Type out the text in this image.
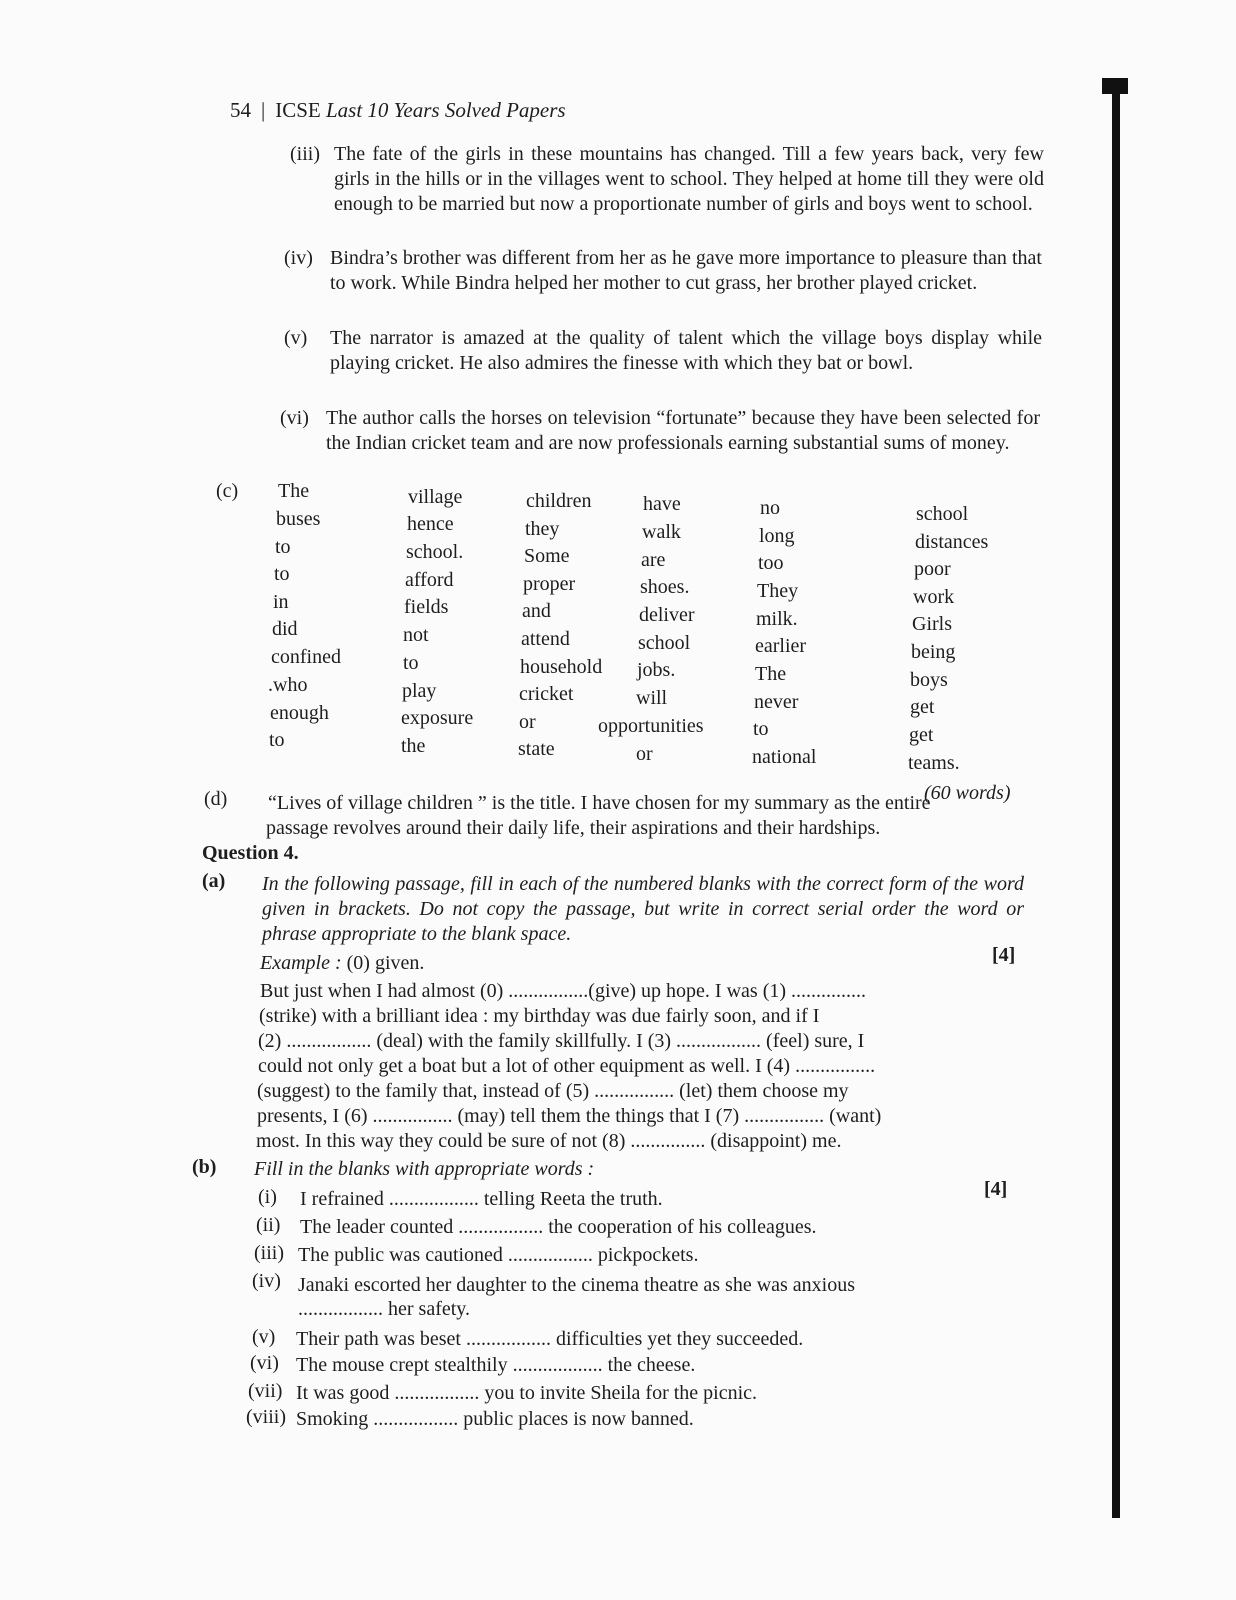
54 | ICSE Last 10 Years Solved Papers
(iii) The fate of the girls in these mountains has changed. Till a few years back, very few girls in the hills or in the villages went to school. They helped at home till they were old enough to be married but now a proportionate number of girls and boys went to school.
(iv) Bindra’s brother was different from her as he gave more importance to pleasure than that to work. While Bindra helped her mother to cut grass, her brother played cricket.
(v) The narrator is amazed at the quality of talent which the village boys display while playing cricket. He also admires the finesse with which they bat or bowl.
(vi) The author calls the horses on television “fortunate” because they have been selected for the Indian cricket team and are now professionals earning substantial sums of money.
(c) The
buses
to
to
in
did
confined
.who
enough
to
village
hence
school.
afford
fields
not
to
play
exposure
the
children
they
Some
proper
and
attend
household
cricket
or
state
have
walk
are
shoes.
deliver
school
jobs.
will
opportunities
or
no
long
too
They
milk.
earlier
The
never
to
national
school
distances
poor
work
Girls
being
boys
get
get
teams.
(60 words)
(d) “Lives of village children ” is the title. I have chosen for my summary as the entire
passage revolves around their daily life, their aspirations and their hardships.
Question 4.
(a) In the following passage, fill in each of the numbered blanks with the correct form of the word given in brackets. Do not copy the passage, but write in correct serial order the word or phrase appropriate to the blank space.
[4]
Example : (0) given.
But just when I had almost (0) ................(give) up hope. I was (1) ...............
(strike) with a brilliant idea : my birthday was due fairly soon, and if I
(2) ................. (deal) with the family skillfully. I (3) ................. (feel) sure, I
could not only get a boat but a lot of other equipment as well. I (4) ................
(suggest) to the family that, instead of (5) ................ (let) them choose my
presents, I (6) ................ (may) tell them the things that I (7) ................ (want)
most. In this way they could be sure of not (8) ............... (disappoint) me.
(b) Fill in the blanks with appropriate words :
[4]
(i) I refrained .................. telling Reeta the truth.
(ii) The leader counted ................. the cooperation of his colleagues.
(iii) The public was cautioned ................. pickpockets.
(iv) Janaki escorted her daughter to the cinema theatre as she was anxious
................. her safety.
(v) Their path was beset ................. difficulties yet they succeeded.
(vi) The mouse crept stealthily .................. the cheese.
(vii) It was good ................. you to invite Sheila for the picnic.
(viii) Smoking ................. public places is now banned.
